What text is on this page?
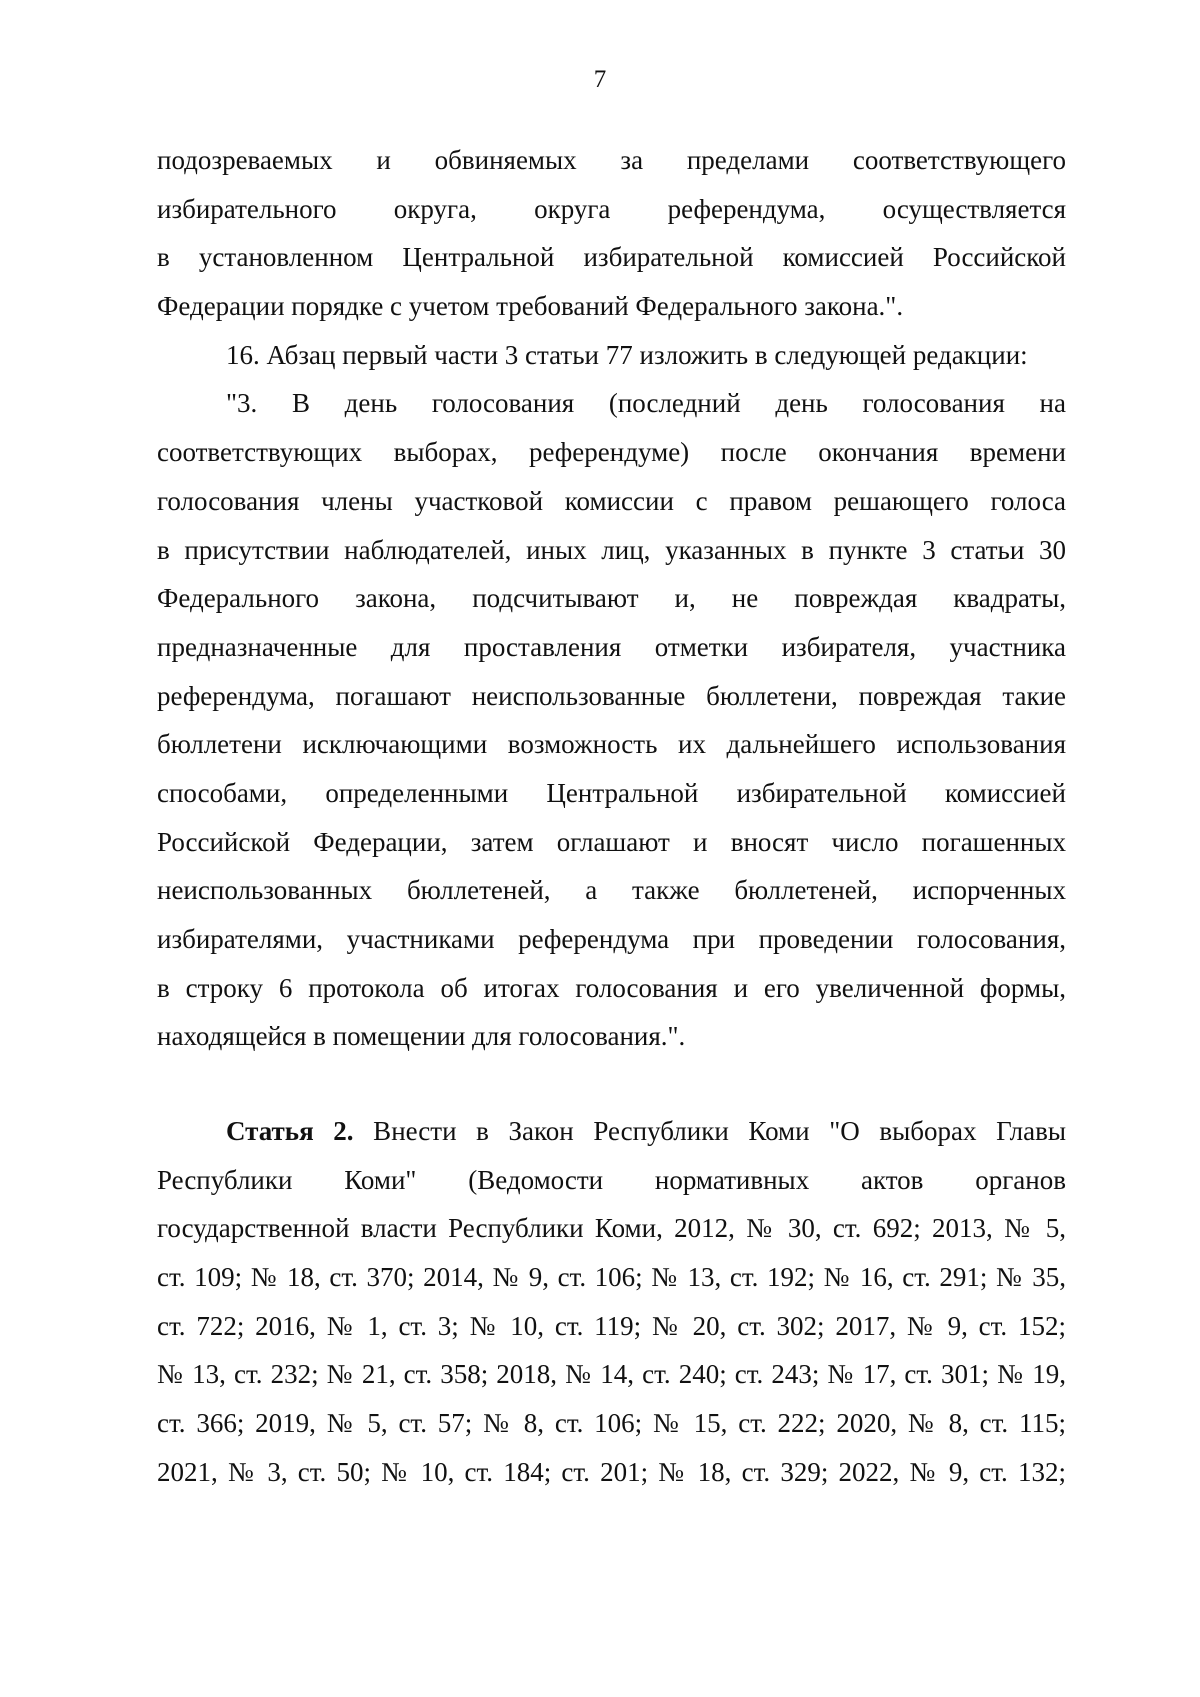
7
подозреваемых и обвиняемых за пределами соответствующего
избирательного округа, округа референдума, осуществляется
в установленном Центральной избирательной комиссией Российской
Федерации порядке с учетом требований Федерального закона.".
16. Абзац первый части 3 статьи 77 изложить в следующей редакции:
"3. В день голосования (последний день голосования на
соответствующих выборах, референдуме) после окончания времени
голосования члены участковой комиссии с правом решающего голоса
в присутствии наблюдателей, иных лиц, указанных в пункте 3 статьи 30
Федерального закона, подсчитывают и, не повреждая квадраты,
предназначенные для проставления отметки избирателя, участника
референдума, погашают неиспользованные бюллетени, повреждая такие
бюллетени исключающими возможность их дальнейшего использования
способами, определенными Центральной избирательной комиссией
Российской Федерации, затем оглашают и вносят число погашенных
неиспользованных бюллетеней, а также бюллетеней, испорченных
избирателями, участниками референдума при проведении голосования,
в строку 6 протокола об итогах голосования и его увеличенной формы,
находящейся в помещении для голосования.".
Статья 2. Внести в Закон Республики Коми "О выборах Главы
Республики Коми" (Ведомости нормативных актов органов
государственной власти Республики Коми, 2012, № 30, ст. 692; 2013, № 5,
ст. 109; № 18, ст. 370; 2014, № 9, ст. 106; № 13, ст. 192; № 16, ст. 291; № 35,
ст. 722; 2016, № 1, ст. 3; № 10, ст. 119; № 20, ст. 302; 2017, № 9, ст. 152;
№ 13, ст. 232; № 21, ст. 358; 2018, № 14, ст. 240; ст. 243; № 17, ст. 301; № 19,
ст. 366; 2019, № 5, ст. 57; № 8, ст. 106; № 15, ст. 222; 2020, № 8, ст. 115;
2021, № 3, ст. 50; № 10, ст. 184; ст. 201; № 18, ст. 329; 2022, № 9, ст. 132;
